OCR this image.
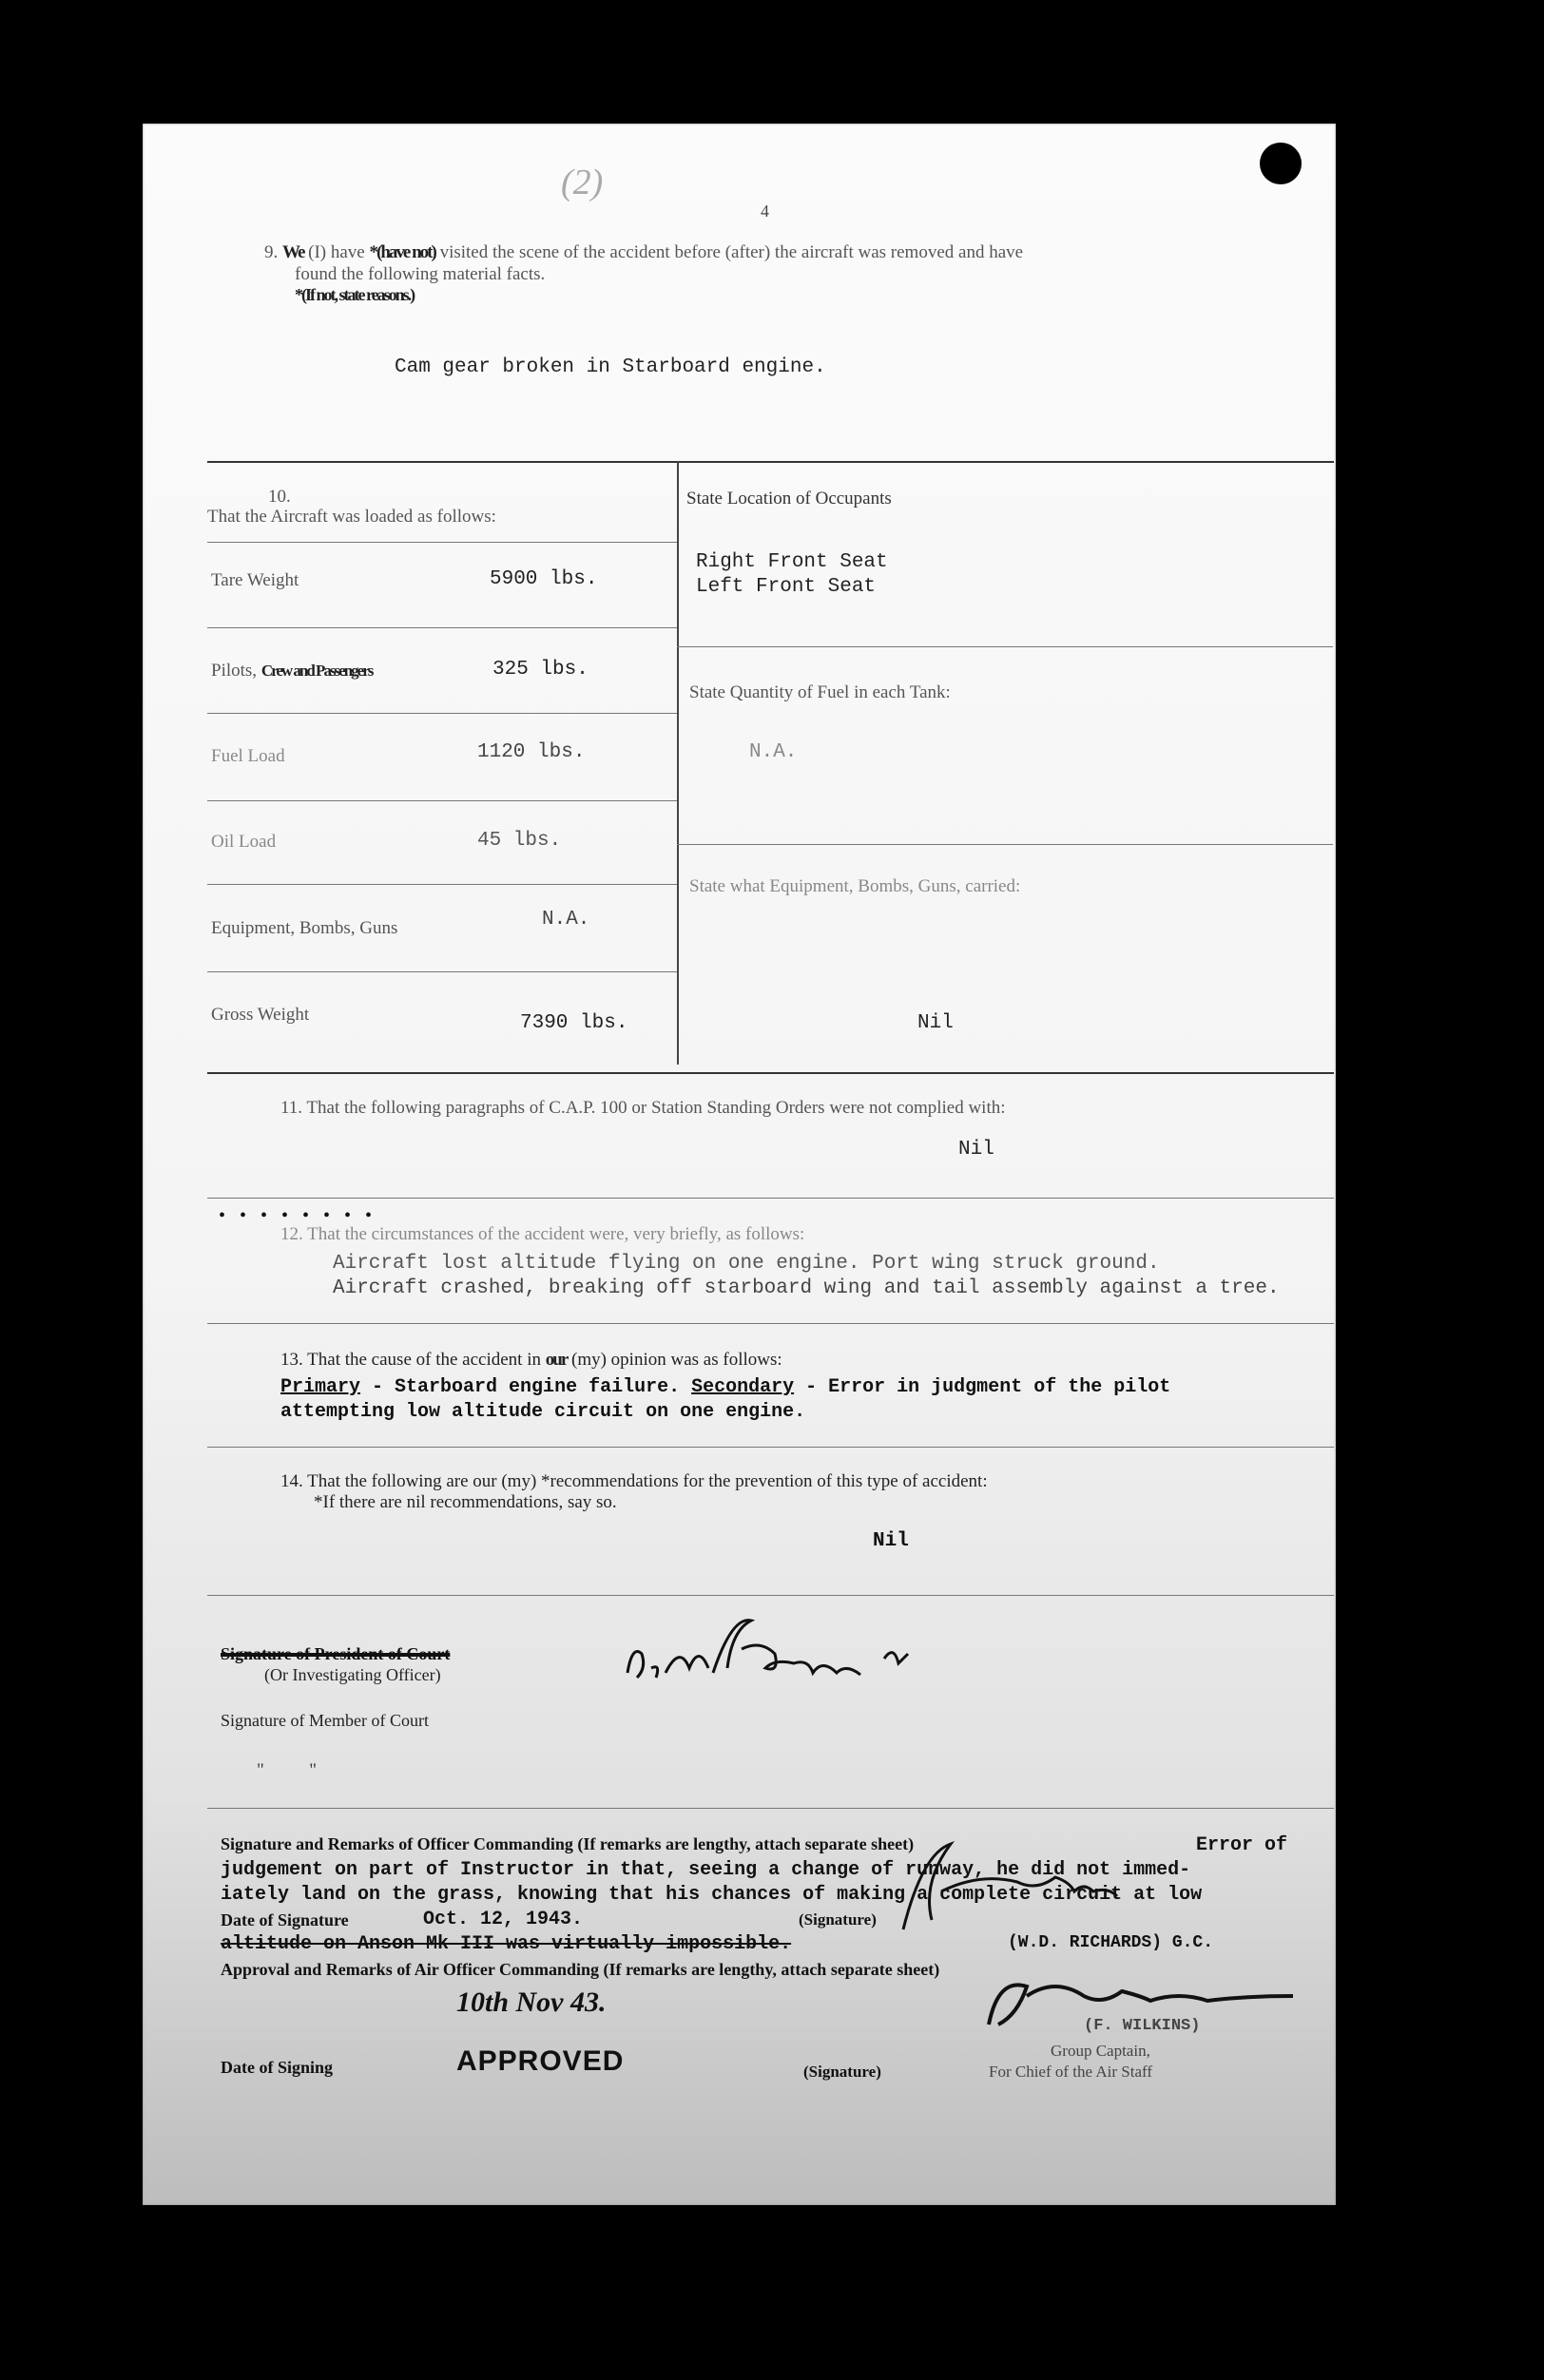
(2)
4
9. We (I) have *(have not) visited the scene of the accident before (after) the aircraft was removed and have
found the following material facts.
*(If not, state reasons.)
Cam gear broken in Starboard engine.
10.
That the Aircraft was loaded as follows:
Tare Weight	5900 lbs.
Pilots, Crew and Passengers	325 lbs.
Fuel Load	1120 lbs.
Oil Load	45 lbs.
Equipment, Bombs, Guns	N.A.
Gross Weight	7390 lbs.
State Location of Occupants
Right Front Seat
Left Front Seat
State Quantity of Fuel in each Tank:
N.A.
State what Equipment, Bombs, Guns, carried:
Nil
11. That the following paragraphs of C.A.P. 100 or Station Standing Orders were not complied with:
Nil
• • • • • • • •
12. That the circumstances of the accident were, very briefly, as follows:
Aircraft lost altitude flying on one engine. Port wing struck ground.
Aircraft crashed, breaking off starboard wing and tail assembly against a tree.
13. That the cause of the accident in our (my) opinion was as follows:
Primary - Starboard engine failure. Secondary - Error in judgment of the pilot
attempting low altitude circuit on one engine.
14. That the following are our (my) *recommendations for the prevention of this type of accident:
*If there are nil recommendations, say so.
Nil
Signature of President of Court
(Or Investigating Officer)
Signature of Member of Court
"          "
Signature and Remarks of Officer Commanding (If remarks are lengthy, attach separate sheet)	Error of
judgement on part of Instructor in that, seeing a change of runway, he did not immed-
iately land on the grass, knowing that his chances of making a complete circuit at low
Date of Signature	Oct. 12, 1943.	(Signature)
altitude on Anson Mk III was virtually impossible.	(W.D. RICHARDS) G.C.
Approval and Remarks of Air Officer Commanding (If remarks are lengthy, attach separate sheet)
10th Nov 43.
Date of Signing	APPROVED	(Signature)
(F. WILKINS)
Group Captain,
For Chief of the Air Staff
